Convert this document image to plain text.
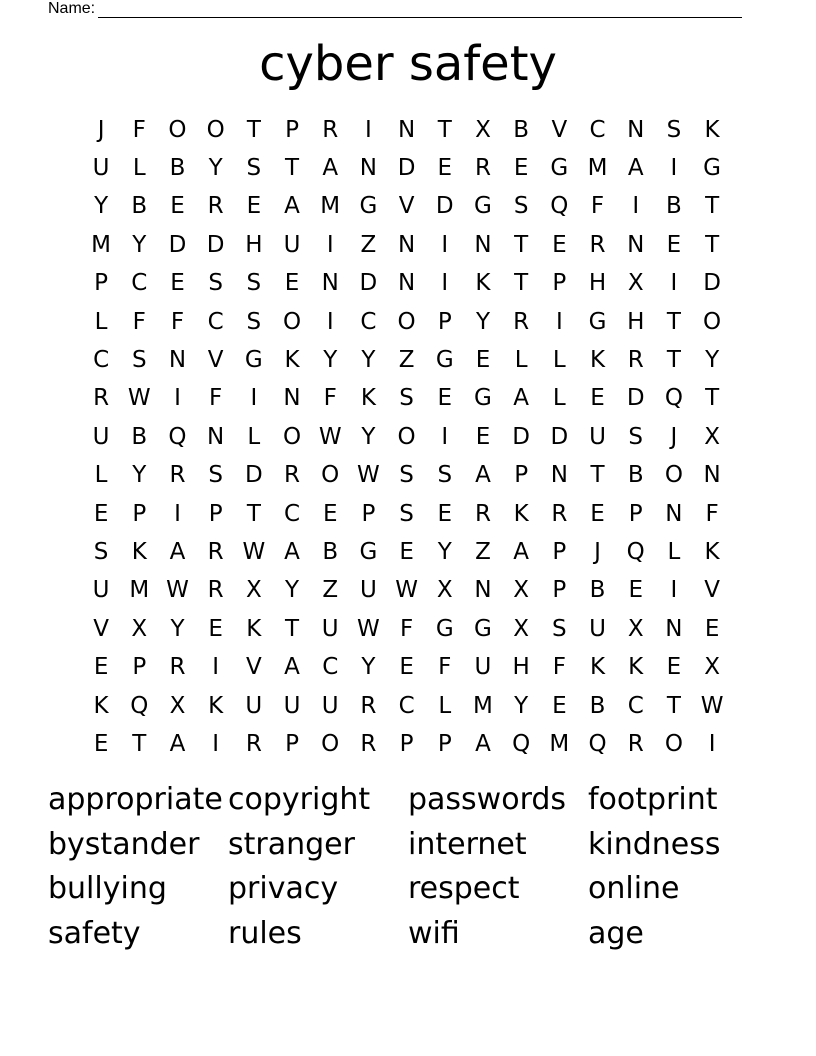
Name:
cyber safety
J	F O O T	P	R	I	N T	X B V C N S	K
U	L	B	Y	S	T	A N D E R E G M A	I	G
Y	B	E R E	A M G V D G S Q F	I	B	T
M Y D D H U	I	Z N	I	N T	E R N E	T
P	C E	S	S	E N D N	I	K	T	P H X	I	D
L	F	F	C S O	I	C O P	Y	R	I	G H T O
C S N V G K	Y	Y	Z G E	L	L	K R	T	Y
R W	I	F	I	N F	K	S	E G A	L	E D Q T
U B Q N	L O W Y O	I	E D D U S	J	X
L	Y	R S D R O W S	S	A	P N T	B O N
E	P	I	P	T	C E	P	S	E R K R E	P N F
S	K A R W A B G E	Y	Z A	P	J	Q L	K
U M W R X	Y	Z U W X N X	P	B	E	I	V
V X	Y	E	K	T U W F G G X	S U X N E
E	P	R	I	V A C	Y	E	F	U H F	K	K	E	X
K Q X K U U U R C	L M Y	E	B C	T W
E	T	A	I	R	P O R	P	P	A Q M Q R O	I
appropriate copyright	passwords footprint
bystander stranger	internet	kindness
bullying	privacy	respect	online
safety	rules	wifi	age
